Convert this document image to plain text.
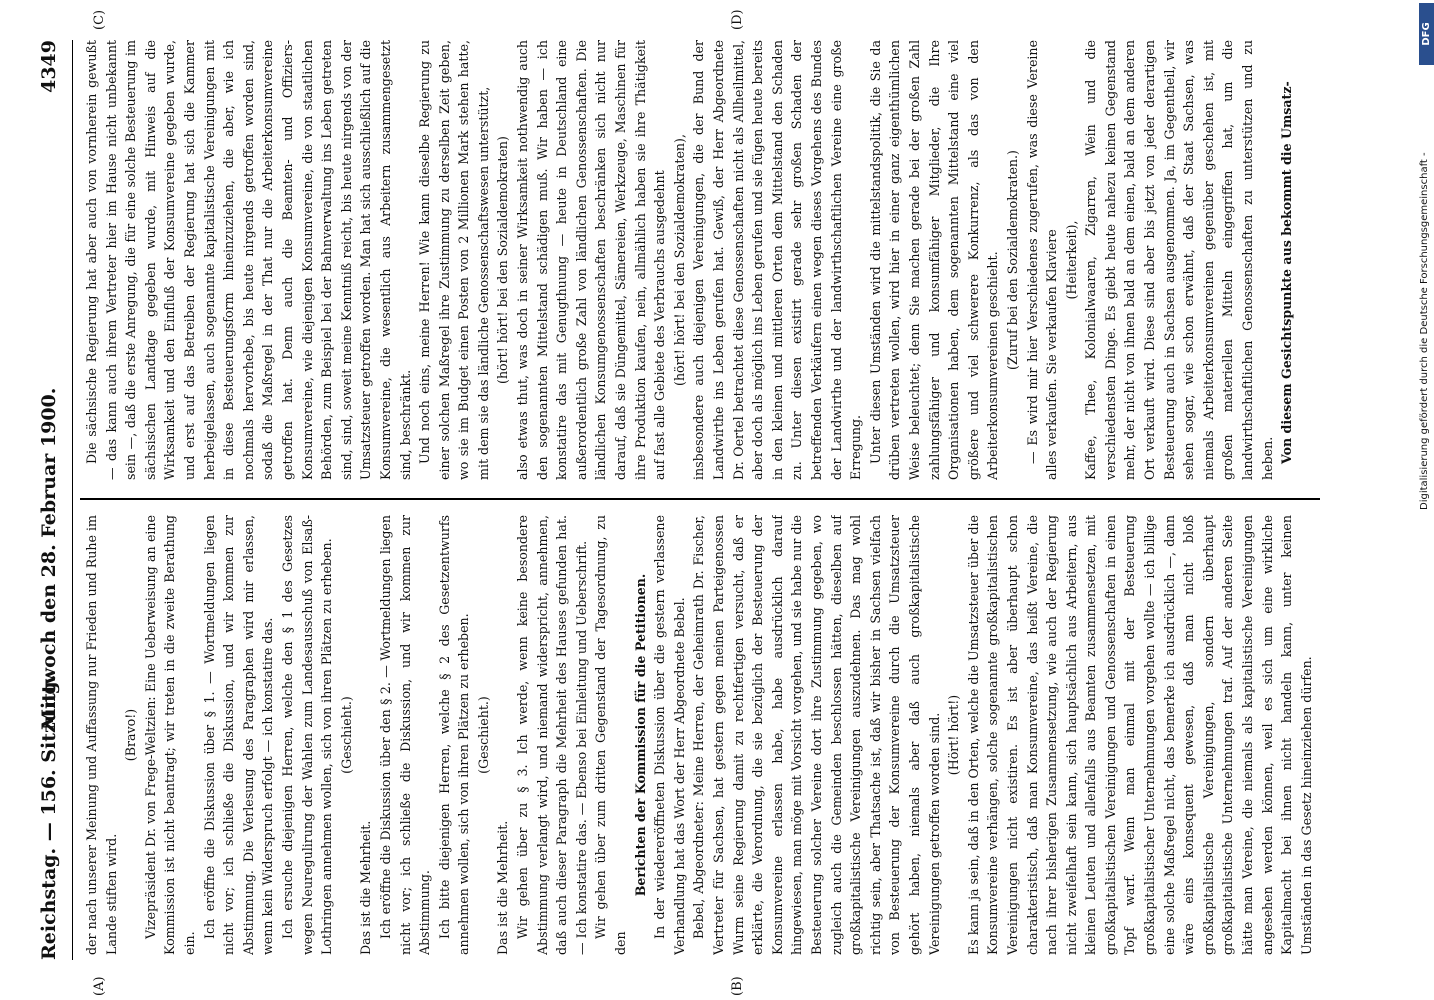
Reichstag. — 156. Sitzung.
Mittwoch den 28. Februar 1900.
4349
(A)	(B)
(C)	(D)

der nach unserer Meinung und Auffassung nur Frieden und Ruhe im Lande stiften wird.

(Bravo!) Vizepräsident Dr. von Frege-Weltzien: Eine Ueberweisung an eine Kommission ist nicht beantragt; wir treten in die zweite Berathung ein.

Ich eröffne die Diskussion über § 1. — Wortmeldungen liegen nicht vor; ich schließe die Diskussion, und wir kommen zur Abstimmung. Die Verlesung des Paragraphen wird mir erlassen, wenn kein Widerspruch erfolgt — ich konstatire das. Ich ersuche diejenigen Herren, welche den § 1 des Gesetzes wegen Neuregulirung der Wahlen zum Landesausschuß von Elsaß-Lothringen annehmen wollen, sich von ihren Plätzen zu erheben. (Geschieht.)

Das ist die Mehrheit. Ich eröffne die Diskussion über den § 2. — Wortmeldungen liegen nicht vor; ich schließe die Diskussion, und wir kommen zur Abstimmung. Ich bitte diejenigen Herren, welche § 2 des Gesetzentwurfs annehmen wollen, sich von ihren Plätzen zu erheben. (Geschieht.)

Das ist die Mehrheit. Wir gehen über zu § 3. Ich werde, wenn keine besondere Abstimmung verlangt wird, und niemand widerspricht, annehmen, daß auch dieser Paragraph die Mehrheit des Hauses gefunden hat. — Ich konstatire das. — Ebenso bei Einleitung und Ueberschrift. Wir gehen über zum dritten Gegenstand der Tagesordnung, zu den

Berichten der Kommission für die Petitionen. In der wiedereröffneten Diskussion über die gestern verlassene Verhandlung hat das Wort der Herr Abgeordnete Bebel. Bebel, Abgeordneter: Meine Herren, der Geheimrath Dr. Fischer, Vertreter für Sachsen, hat gestern gegen meinen Parteigenossen Wurm seine Regierung damit zu rechtfertigen versucht, daß er erklärte, die Verordnung, die sie bezüglich der Besteuerung der Konsumvereine erlassen habe, habe ausdrücklich darauf hingewiesen, man möge mit Vorsicht vorgehen, und sie habe nur die Besteuerung solcher Vereine dort ihre Zustimmung gegeben, wo zugleich auch die Gemeinden beschlossen hätten, dieselben auf großkapitalistische Vereinigungen auszudehnen. Das mag wohl richtig sein, aber Thatsache ist, daß wir bisher in Sachsen vielfach von Besteuerung der Konsumvereine durch die Umsatzsteuer gehört haben, niemals aber daß auch großkapitalistische Vereinigungen getroffen worden sind. (Hört! hört!) Es kann ja sein, daß in den Orten, welche die Umsatzsteuer über die Konsumvereine verhängen, solche sogenannte großkapitalistischen Vereinigungen nicht existiren. Es ist aber überhaupt schon charakteristisch, daß man Konsumvereine, das heißt Vereine, die nach ihrer bisherigen Zusammensetzung, wie auch der Regierung nicht zweifelhaft sein kann, sich hauptsächlich aus Arbeitern, aus kleinen Leuten und allenfalls aus Beamten zusammensetzen, mit großkapitalistischen Vereinigungen und Genossenschaften in einen Topf warf. Wenn man einmal mit der Besteuerung großkapitalistischer Unternehmungen vorgehen wollte — ich billige eine solche Maßregel nicht, das bemerke ich ausdrücklich —, dann wäre eins konsequent gewesen, daß man nicht bloß großkapitalistische Vereinigungen, sondern überhaupt großkapitalistische Unternehmungen traf. Auf der anderen Seite hätte man Vereine, die niemals als kapitalistische Vereinigungen angesehen werden können, weil es sich um eine wirkliche Kapitalmacht bei ihnen nicht handeln kann, unter keinen Umständen in das Gesetz hineinziehen dürfen.

Die sächsische Regierung hat aber auch von vornherein gewußt — das kann auch ihrem Vertreter hier im Hause nicht unbekannt sein —, daß die erste Anregung, die für eine solche Besteuerung im sächsischen Landtage gegeben wurde, mit Hinweis auf die Wirksamkeit und den Einfluß der Konsumvereine gegeben wurde, und erst auf das Betreiben der Regierung hat sich die Kammer herbeigelassen, auch sogenannte kapitalistische Vereinigungen mit in diese Besteuerungsform hineinzuziehen, die aber, wie ich nochmals hervorhebe, bis heute nirgends getroffen worden sind, sodaß die Maßregel in der That nur die Arbeiterkonsumvereine getroffen hat. Denn auch die Beamten- und Offiziers-Konsumvereine, wie diejenigen Konsumvereine, die von staatlichen Behörden, zum Beispiel bei der Bahnverwaltung ins Leben getreten sind, sind, soweit meine Kenntniß reicht, bis heute nirgends von der Umsatzsteuer getroffen worden. Man hat sich ausschließlich auf die Konsumvereine, die wesentlich aus Arbeitern zusammengesetzt sind, beschränkt. Und noch eins, meine Herren! Wie kann dieselbe Regierung zu einer solchen Maßregel ihre Zustimmung zu derselben Zeit geben, wo sie im Budget einen Posten von 2 Millionen Mark stehen hatte, mit dem sie das ländliche Genossenschaftswesen unterstützt, (hört! hört! bei den Sozialdemokraten) also etwas thut, was doch in seiner Wirksamkeit nothwendig auch den sogenannten Mittelstand schädigen muß. Wir haben — ich konstatire das mit Genugthuung — heute in Deutschland eine außerordentlich große Zahl von ländlichen Genossenschaften. Die ländlichen Konsumgenossenschaften beschränken sich nicht nur darauf, daß sie Düngemittel, Sämereien, Werkzeuge, Maschinen für ihre Produktion kaufen, nein, allmählich haben sie ihre Thätigkeit auf fast alle Gebiete des Verbrauchs ausgedehnt (hört! hört! bei den Sozialdemokraten), insbesondere auch diejenigen Vereinigungen, die der Bund der Landwirthe ins Leben gerufen hat. Gewiß, der Herr Abgeordnete Dr. Oertel betrachtet diese Genossenschaften nicht als Allheilmittel, aber doch als möglich ins Leben gerufen und sie fügen heute bereits in den kleinen und mittleren Orten dem Mittelstand den Schaden zu. Unter diesen existirt gerade sehr großen Schaden der betreffenden Verkäufern einen wegen dieses Vorgehens des Bundes der Landwirthe und der landwirthschaftlichen Vereine eine große Erregung. Unter diesen Umständen wird die mittelstandspolitik, die Sie da drüben vertreten wollen, wird hier in einer ganz eigenthümlichen Weise beleuchtet; denn Sie machen gerade bei der großen Zahl zahlungsfähiger und konsumfähiger Mitglieder, die Ihre Organisationen haben, dem sogenannten Mittelstand eine viel größere und viel schwerere Konkurrenz, als das von den Arbeiterkonsumvereinen geschieht. (Zuruf bei den Sozialdemokraten.) — Es wird mir hier Verschiedenes zugerufen, was diese Vereine alles verkaufen. Sie verkaufen Klaviere (Heiterkeit), Kaffee, Thee, Kolonialwaaren, Zigarren, Wein und die verschiedensten Dinge. Es giebt heute nahezu keinen Gegenstand mehr, der nicht von ihnen bald an dem einen, bald an dem anderen Ort verkauft wird. Diese sind aber bis jetzt von jeder derartigen Besteuerung auch in Sachsen ausgenommen. Ja, im Gegentheil, wir sehen sogar, wie schon erwähnt, daß der Staat Sachsen, was niemals Arbeiterkonsumvereinen gegenüber geschehen ist, mit großen materiellen Mitteln eingegriffen hat, um die landwirthschaftlichen Genossenschaften zu unterstützen und zu heben. Von diesem Gesichtspunkte aus bekommt die Umsatz-	Digitalisierung gefördert durch die Deutsche Forschungsgemeinschaft -
DFG
